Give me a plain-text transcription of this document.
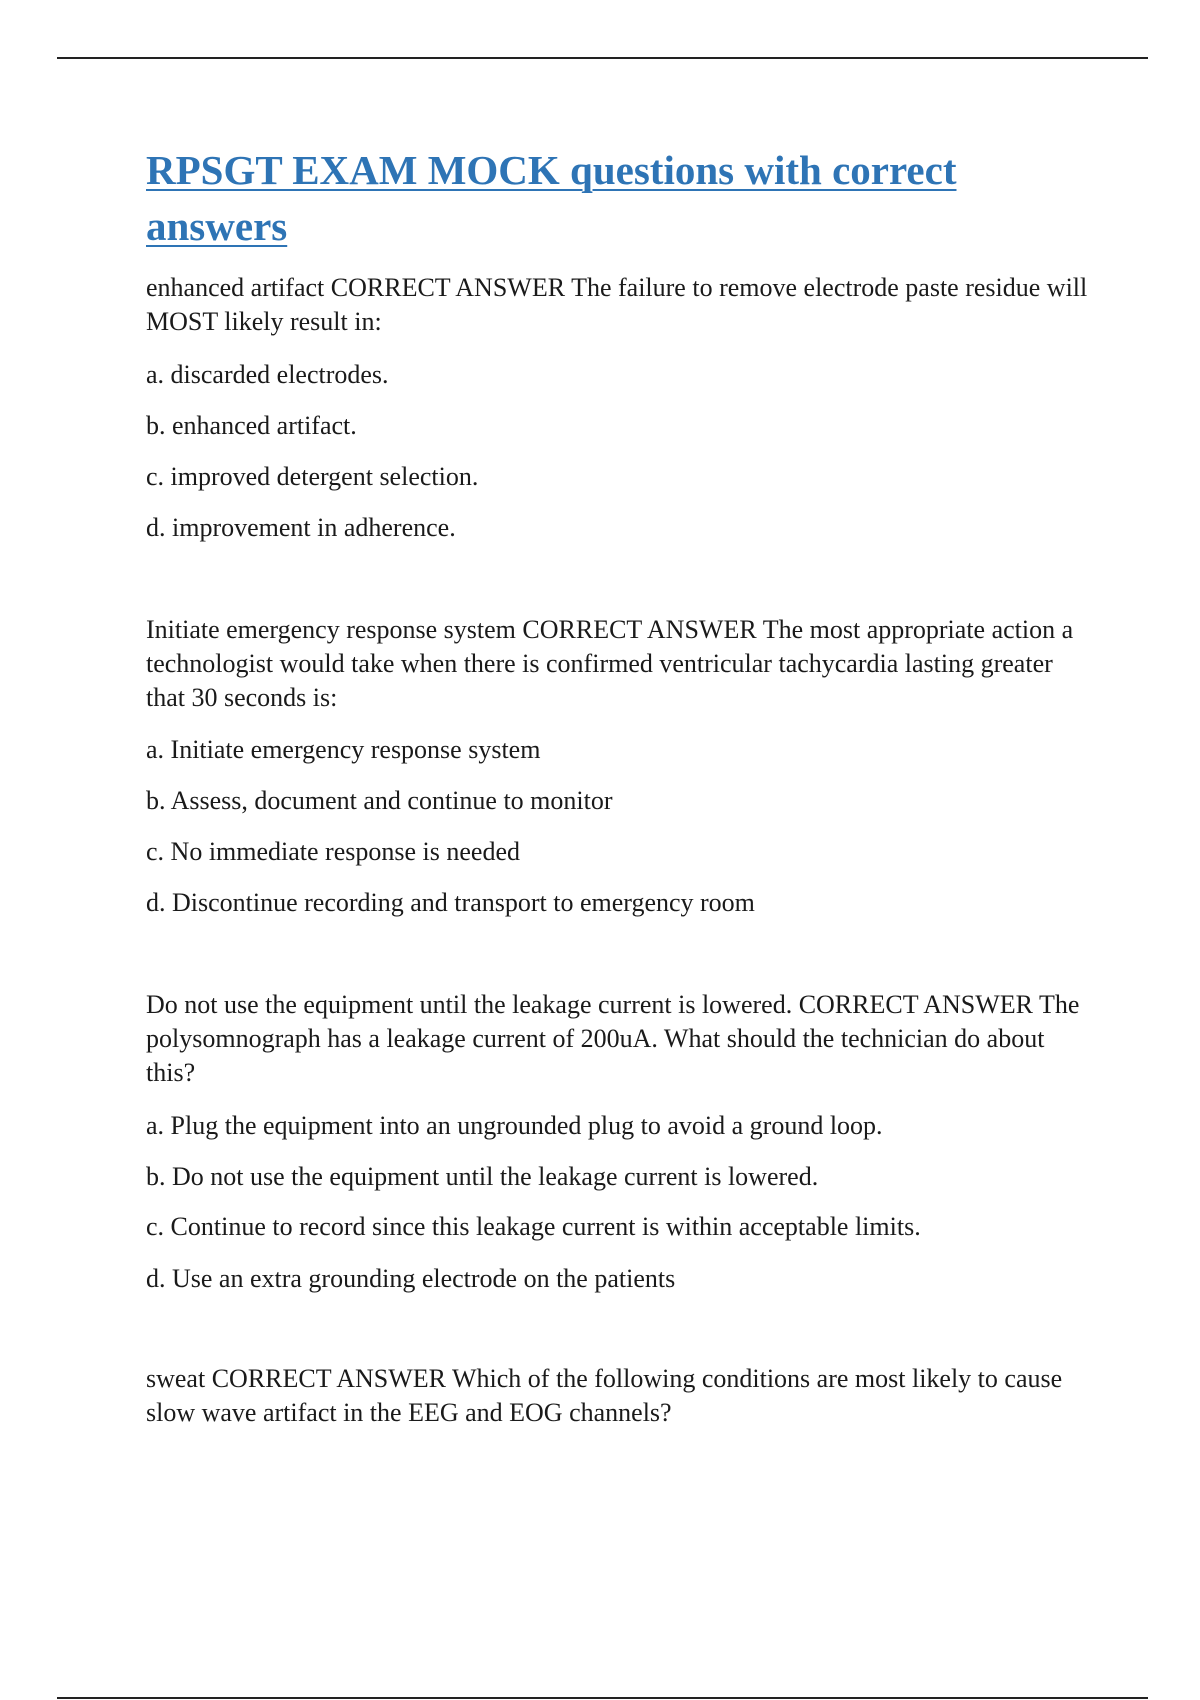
RPSGT EXAM MOCK questions with correct answers

enhanced artifact CORRECT ANSWER The failure to remove electrode paste residue will MOST likely result in:

a. discarded electrodes.

b. enhanced artifact.

c. improved detergent selection.

d. improvement in adherence.

Initiate emergency response system CORRECT ANSWER The most appropriate action a technologist would take when there is confirmed ventricular tachycardia lasting greater that 30 seconds is:

a. Initiate emergency response system

b. Assess, document and continue to monitor

c. No immediate response is needed

d. Discontinue recording and transport to emergency room

Do not use the equipment until the leakage current is lowered. CORRECT ANSWER The polysomnograph has a leakage current of 200uA. What should the technician do about this?

a. Plug the equipment into an ungrounded plug to avoid a ground loop.

b. Do not use the equipment until the leakage current is lowered.

c. Continue to record since this leakage current is within acceptable limits.

d. Use an extra grounding electrode on the patients

sweat CORRECT ANSWER Which of the following conditions are most likely to cause slow wave artifact in the EEG and EOG channels?
